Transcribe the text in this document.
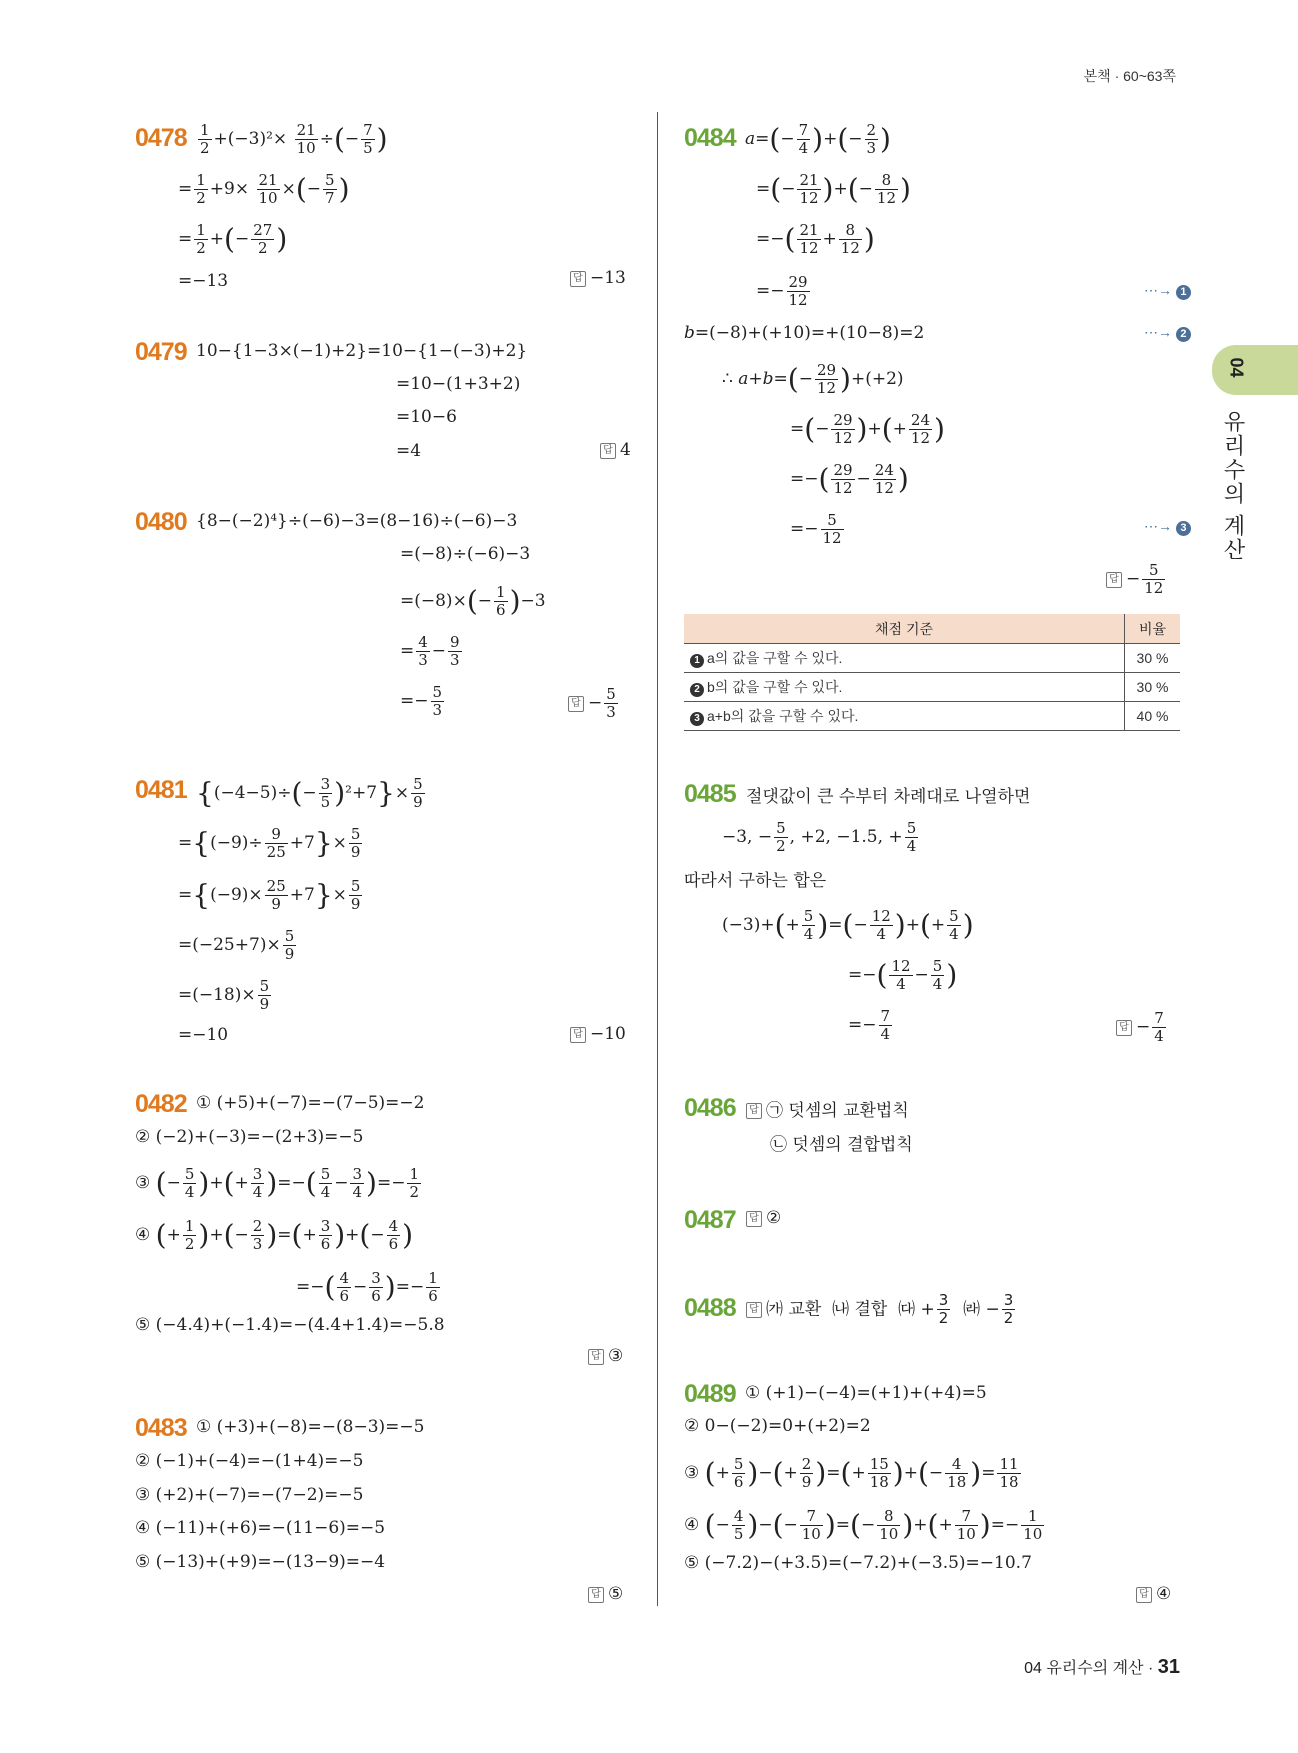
본책 · 60~63쪽
04
유리수의 계산
$0478 \frac{1}{2} +(-3)^2\times \frac{21}{10}$ ÷(− $\frac{7}{5}$ )
= $\frac{1}{2} +9\times \frac{21}{10}$ ×(− $\frac{5}{7}$ )
= $\frac{1}{2}$ +(− $\frac{27}{2}$ )
=−13	답 −13
0479 10−{1−3×(−1)+2}=10−{1−(−3)+2}
=10−(1+3+2)
=10−6
=4	답 4
0480 {8−(−2)⁴}÷(−6)−3=(8−16)÷(−6)−3
=(−8)÷(−6)−3
$=(-8)\times(- \frac{1}{6} )-3$
= $\frac{4}{3} - \frac{9}{3}$
=− $\frac{5}{3}$	답 − $\frac{5}{3}$
0481 $\{(-4-5)\div(- \frac{3}{5} )^2+7\}\times \frac{5}{9}$
$=\{(-9)\div \frac{9}{25} +7\}\times \frac{5}{9}$
$=\{(-9)\times \frac{25}{9} +7\}\times \frac{5}{9}$
$=(-25+7)\times \frac{5}{9}$
$=(-18)\times \frac{5}{9}$
=−10	답 −10
0482 ① (+5)+(−7)=−(7−5)=−2
② (−2)+(−3)=−(2+3)=−5
③ (− $\frac{5}{4}$ )+(+ $\frac{3}{4}$ )=−( $\frac{5}{4} - \frac{3}{4}$ )=− $\frac{1}{2}$
④ (+ $\frac{1}{2}$ )+(− $\frac{2}{3}$ )=(+ $\frac{3}{6}$ )+(− $\frac{4}{6}$ )
=−( $\frac{4}{6} - \frac{3}{6}$ )=− $\frac{1}{6}$
⑤ (−4.4)+(−1.4)=−(4.4+1.4)=−5.8
답 ③
0483 ① (+3)+(−8)=−(8−3)=−5
② (−1)+(−4)=−(1+4)=−5
③ (+2)+(−7)=−(7−2)=−5
④ (−11)+(+6)=−(11−6)=−5
⑤ (−13)+(+9)=−(13−9)=−4
답 ⑤
0484 $a=(- \frac{7}{4}$ )+(− $\frac{2}{3}$ )
=(− $\frac{21}{12}$ )+(− $\frac{8}{12}$ )
=−( $\frac{21}{12} + \frac{8}{12}$ )
=− $\frac{29}{12}$	⋯→ 1
b=(−8)+(+10)=+(10−8)=2	⋯→ 2
∴ $a+b=(- \frac{29}{12} )+(+2)$
=(− $\frac{29}{12}$ )+(+ $\frac{24}{12}$ )
=−( $\frac{29}{12} - \frac{24}{12}$ )
=− $\frac{5}{12}$	⋯→ 3
답 − $\frac{5}{12}$
채점 기준	비율
1 a의 값을 구할 수 있다.	30 %
2 b의 값을 구할 수 있다.	30 %
3 a+b의 값을 구할 수 있다.	40 %
0485 절댓값이 큰 수부터 차례대로 나열하면
−3, − $\frac{5}{2}$ , +2, −1.5, + $\frac{5}{4}$
따라서 구하는 합은
$(-3)+(+ \frac{5}{4}$ )=(− $\frac{12}{4}$ )+(+ $\frac{5}{4}$ )
=−( $\frac{12}{4} - \frac{5}{4}$ )
=− $\frac{7}{4}$	답 − $\frac{7}{4}$
0486	답 ㉠ 덧셈의 교환법칙
㉡ 덧셈의 결합법칙
0487	답 ②
0488	답 ㈎ 교환 ㈏ 결합 ㈐ + $\frac{3}{2}$ ㈑ − $\frac{3}{2}$
0489 ① (+1)−(−4)=(+1)+(+4)=5
② 0−(−2)=0+(+2)=2
③ (+ $\frac{5}{6}$ )−(+ $\frac{2}{9}$ )=(+ $\frac{15}{18}$ )+(− $\frac{4}{18}$ )= $\frac{11}{18}$
④ (− $\frac{4}{5}$ )−(− $\frac{7}{10}$ )=(− $\frac{8}{10}$ )+(+ $\frac{7}{10}$ )=− $\frac{1}{10}$
⑤ (−7.2)−(+3.5)=(−7.2)+(−3.5)=−10.7
답 ④
04 유리수의 계산 · 31
